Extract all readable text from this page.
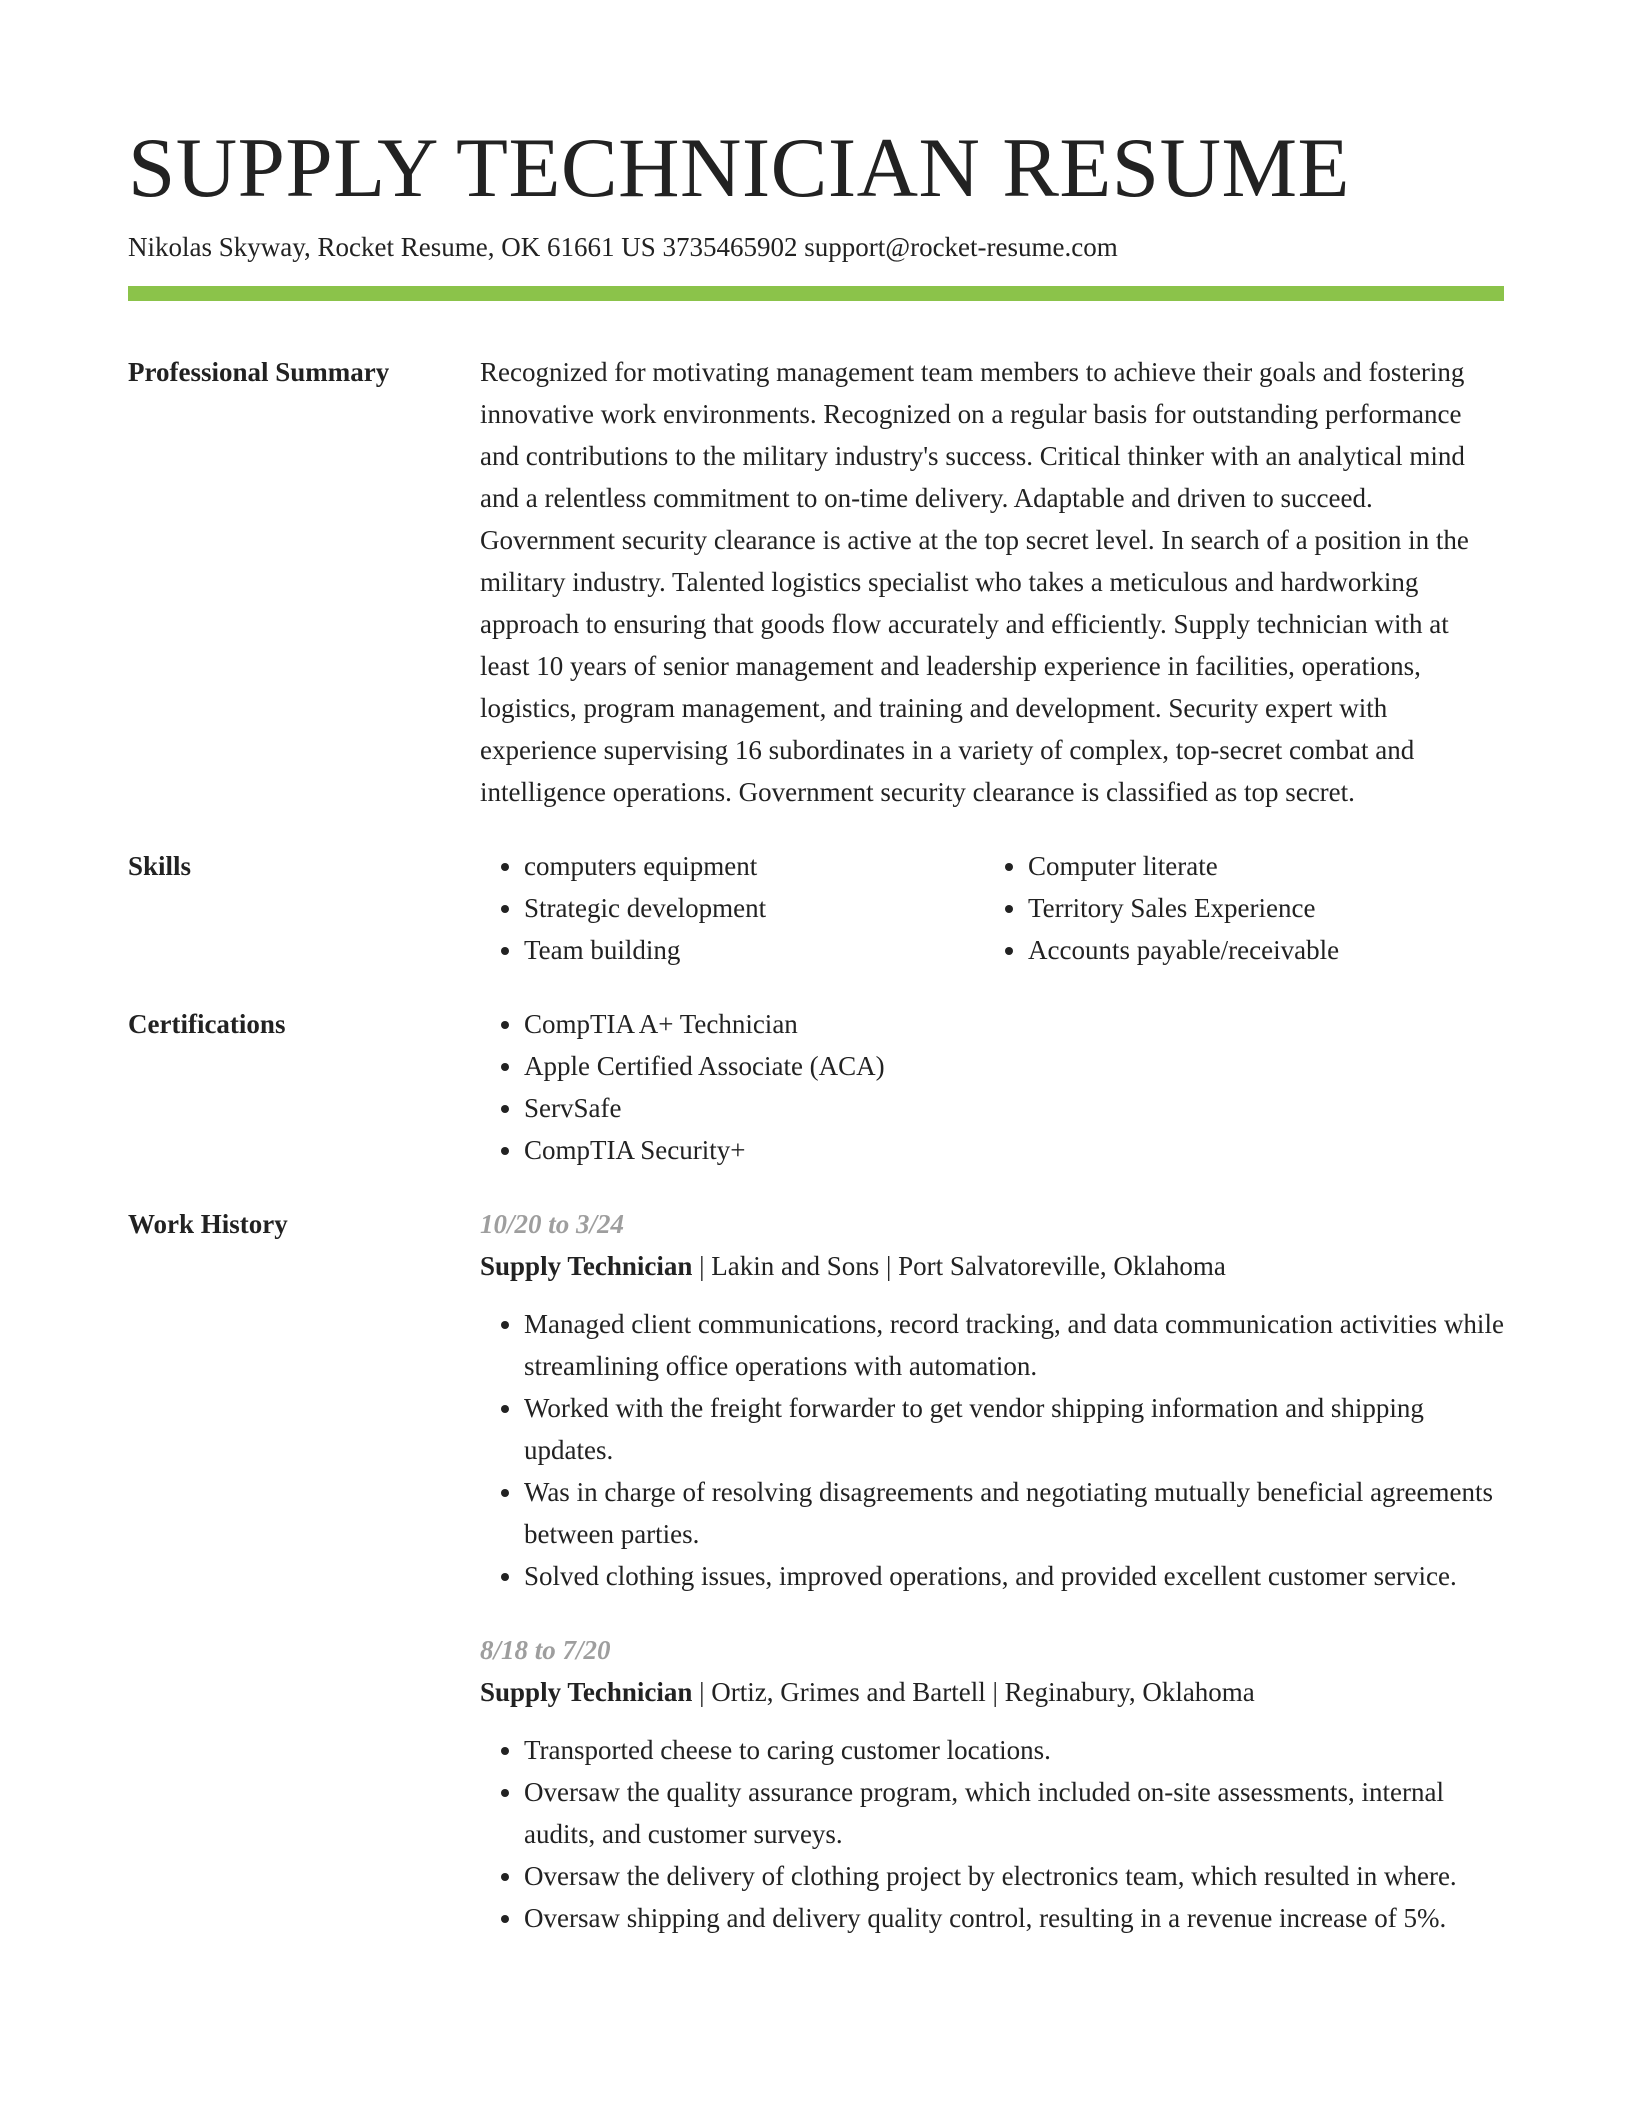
SUPPLY TECHNICIAN RESUME
Nikolas Skyway, Rocket Resume, OK 61661 US 3735465902 support@rocket-resume.com
Professional Summary	Recognized for motivating management team members to achieve their goals and fostering innovative work environments. Recognized on a regular basis for outstanding performance and contributions to the military industry's success. Critical thinker with an analytical mind and a relentless commitment to on-time delivery. Adaptable and driven to succeed. Government security clearance is active at the top secret level. In search of a position in the military industry. Talented logistics specialist who takes a meticulous and hardworking approach to ensuring that goods flow accurately and efficiently. Supply technician with at least 10 years of senior management and leadership experience in facilities, operations, logistics, program management, and training and development. Security expert with experience supervising 16 subordinates in a variety of complex, top-secret combat and intelligence operations. Government security clearance is classified as top secret.

Skills	• computers equipment
• Strategic development
• Team building
• Computer literate
• Territory Sales Experience
• Accounts payable/receivable
Certifications	• CompTIA A+ Technician
• Apple Certified Associate (ACA)
• ServSafe
• CompTIA Security+
Work History	10/20 to 3/24
Supply Technician | Lakin and Sons | Port Salvatoreville, Oklahoma
• Managed client communications, record tracking, and data communication activities while streamlining office operations with automation.
• Worked with the freight forwarder to get vendor shipping information and shipping updates.
• Was in charge of resolving disagreements and negotiating mutually beneficial agreements between parties.
• Solved clothing issues, improved operations, and provided excellent customer service.
8/18 to 7/20
Supply Technician | Ortiz, Grimes and Bartell | Reginabury, Oklahoma
• Transported cheese to caring customer locations.
• Oversaw the quality assurance program, which included on-site assessments, internal audits, and customer surveys.
• Oversaw the delivery of clothing project by electronics team, which resulted in where.
• Oversaw shipping and delivery quality control, resulting in a revenue increase of 5%.
